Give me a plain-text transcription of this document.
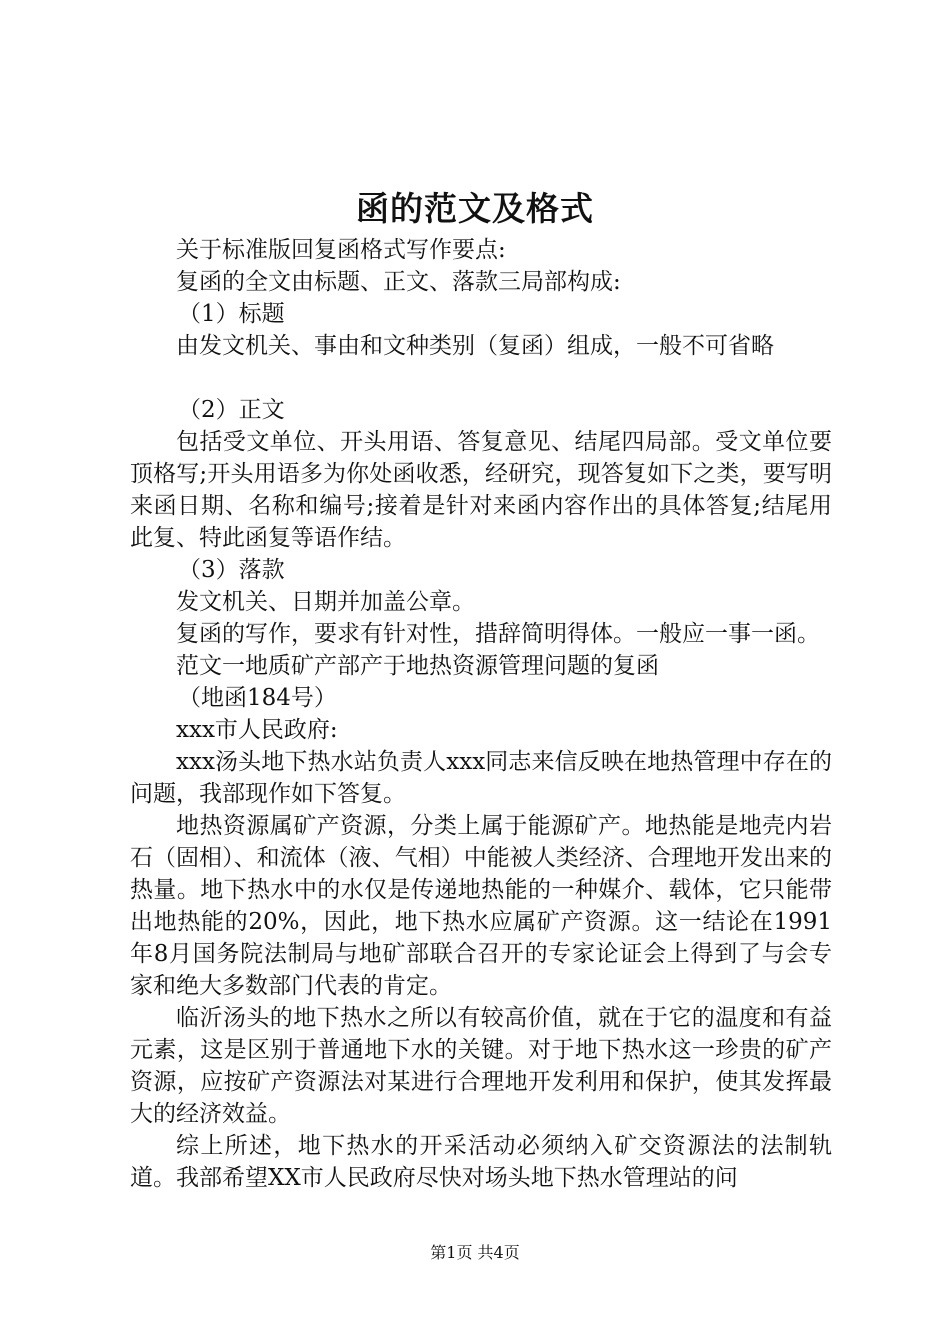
函的范文及格式

关于标准版回复函格式写作要点:

复函的全文由标题、正文、落款三局部构成:

（1）标题

由发文机关、事由和文种类别（复函）组成，一般不可省略

（2）正文

包括受文单位、开头用语、答复意见、结尾四局部。受文单位要顶格写;开头用语多为你处函收悉，经研究，现答复如下之类，要写明来函日期、名称和编号;接着是针对来函内容作出的具体答复;结尾用此复、特此函复等语作结。

（3）落款

发文机关、日期并加盖公章。

复函的写作，要求有针对性，措辞简明得体。一般应一事一函。

范文一地质矿产部产于地热资源管理问题的复函

（地函184号）

xxx市人民政府:

xxx汤头地下热水站负责人xxx同志来信反映在地热管理中存在的问题，我部现作如下答复。

地热资源属矿产资源，分类上属于能源矿产。地热能是地壳内岩石（固相）、和流体（液、气相）中能被人类经济、合理地开发出来的热量。地下热水中的水仅是传递地热能的一种媒介、载体，它只能带出地热能的20%，因此，地下热水应属矿产资源。这一结论在1991年8月国务院法制局与地矿部联合召开的专家论证会上得到了与会专家和绝大多数部门代表的肯定。

临沂汤头的地下热水之所以有较高价值，就在于它的温度和有益元素，这是区别于普通地下水的关键。对于地下热水这一珍贵的矿产资源，应按矿产资源法对某进行合理地开发利用和保护，使其发挥最大的经济效益。

综上所述，地下热水的开采活动必须纳入矿交资源法的法制轨道。我部希望XX市人民政府尽快对场头地下热水管理站的问

第1页 共4页
